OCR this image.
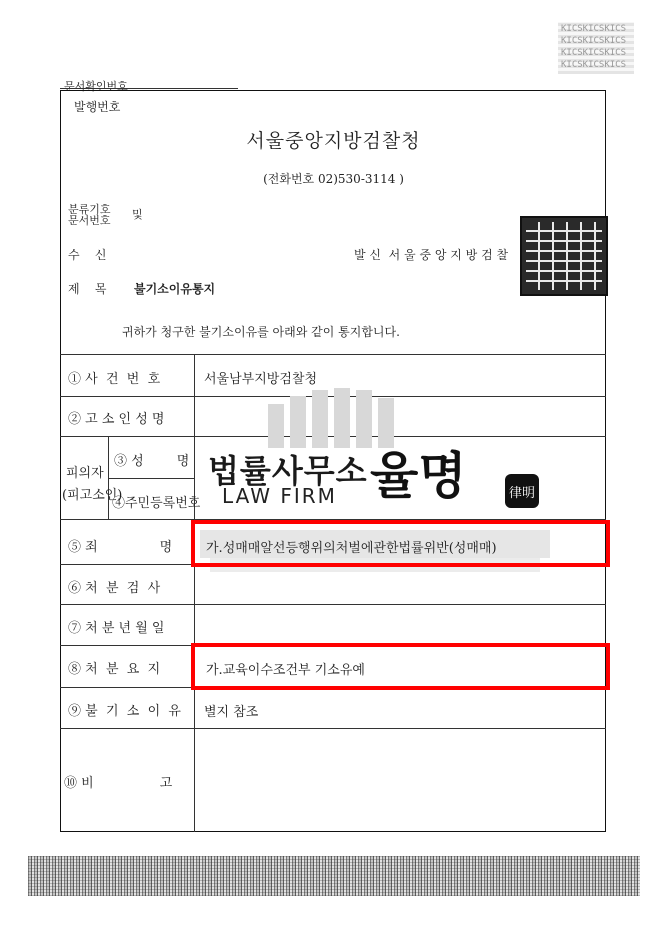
KICSKICSKICS
KICSKICSKICS
KICSKICSKICS
KICSKICSKICS
문서확인번호
발행번호
서울중앙지방검찰청
(전화번호 02)530-3114 )
분류기호
문서번호 및
수    신	발 신  서 울 중 앙 지 방 검 찰
제    목 불기소이유통지
귀하가 청구한 불기소이유를 아래와 같이 통지합니다.
① 사  건  번  호	서울남부지방검찰청
② 고 소 인 성 명
피의자
(피고소인)
③ 성        명
④주민등록번호
법률사무소
LAW FIRM 율명	律明
⑤ 죄               명	가.성매매알선등행위의처벌에관한법률위반(성매매)
⑥ 처  분  검  사
⑦ 처 분 년 월 일
⑧ 처  분  요  지	가.교육이수조건부 기소유예
⑨ 불  기  소  이  유 별지 참조
⑩ 비                고
